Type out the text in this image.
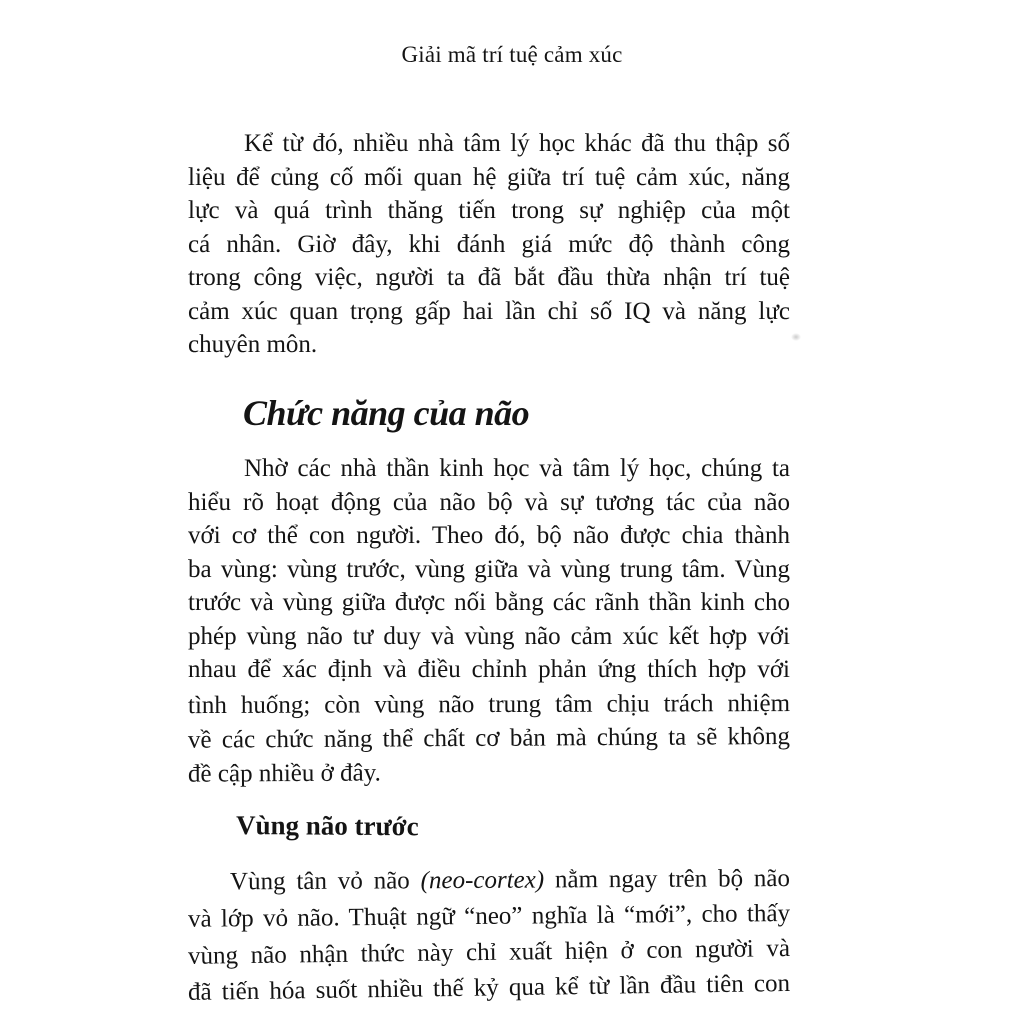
Giải mã trí tuệ cảm xúc
Kể từ đó, nhiều nhà tâm lý học khác đã thu thập số
liệu để củng cố mối quan hệ giữa trí tuệ cảm xúc, năng
lực và quá trình thăng tiến trong sự nghiệp của một
cá nhân. Giờ đây, khi đánh giá mức độ thành công
trong công việc, người ta đã bắt đầu thừa nhận trí tuệ
cảm xúc quan trọng gấp hai lần chỉ số IQ và năng lực
chuyên môn.
Chức năng của não
Nhờ các nhà thần kinh học và tâm lý học, chúng ta
hiểu rõ hoạt động của não bộ và sự tương tác của não
với cơ thể con người. Theo đó, bộ não được chia thành
ba vùng: vùng trước, vùng giữa và vùng trung tâm. Vùng
trước và vùng giữa được nối bằng các rãnh thần kinh cho
phép vùng não tư duy và vùng não cảm xúc kết hợp với
nhau để xác định và điều chỉnh phản ứng thích hợp với
tình huống; còn vùng não trung tâm chịu trách nhiệm
về các chức năng thể chất cơ bản mà chúng ta sẽ không
đề cập nhiều ở đây.
Vùng não trước
Vùng tân vỏ não (neo-cortex) nằm ngay trên bộ não
và lớp vỏ não. Thuật ngữ “neo” nghĩa là “mới”, cho thấy
vùng não nhận thức này chỉ xuất hiện ở con người và
đã tiến hóa suốt nhiều thế kỷ qua kể từ lần đầu tiên con
